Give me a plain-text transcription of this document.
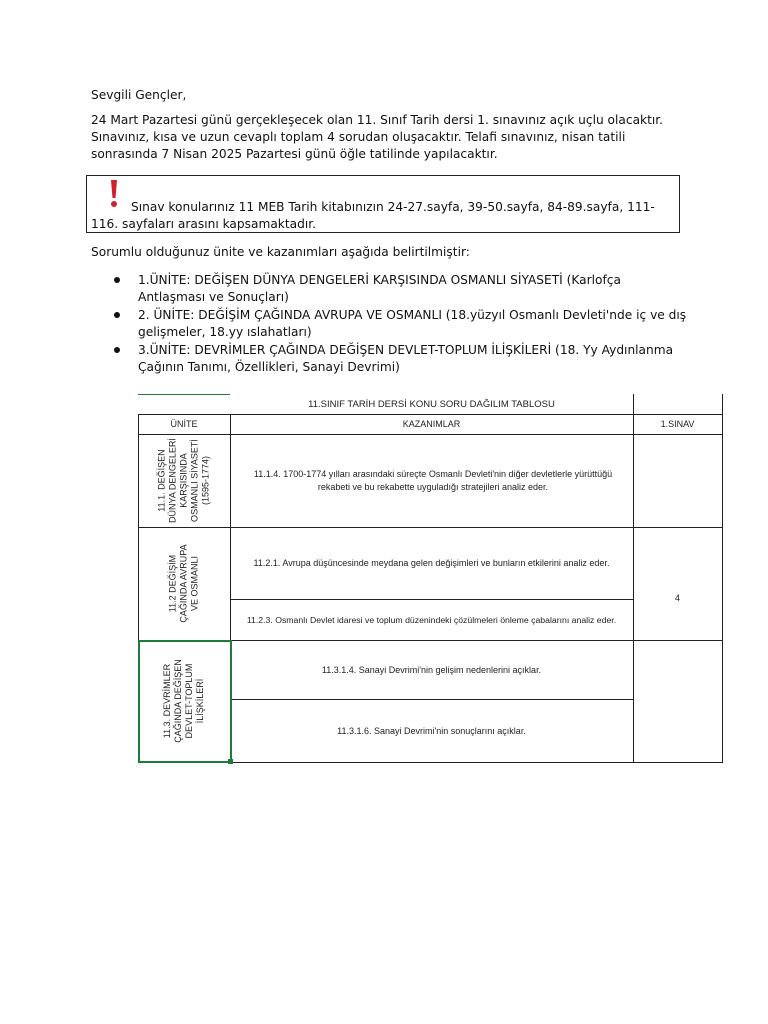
Sevgili Gençler,
24 Mart Pazartesi günü gerçekleşecek olan 11. Sınıf Tarih dersi 1. sınavınız açık uçlu olacaktır. Sınavınız, kısa ve uzun cevaplı toplam 4 sorudan oluşacaktır. Telafi sınavınız, nisan tatili sonrasında 7 Nisan 2025 Pazartesi günü öğle tatilinde yapılacaktır.
Sınav konularınız 11 MEB Tarih kitabınızın 24-27.sayfa, 39-50.sayfa, 84-89.sayfa, 111-116. sayfaları arasını kapsamaktadır.
Sorumlu olduğunuz ünite ve kazanımları aşağıda belirtilmiştir:
1.ÜNİTE: DEĞİŞEN DÜNYA DENGELERİ KARŞISINDA OSMANLI SİYASETİ (Karlofça Antlaşması ve Sonuçları)
2. ÜNİTE: DEĞİŞİM ÇAĞINDA AVRUPA VE OSMANLI (18.yüzyıl Osmanlı Devleti'nde iç ve dış gelişmeler, 18.yy ıslahatları)
3.ÜNİTE: DEVRİMLER ÇAĞINDA DEĞİŞEN DEVLET-TOPLUM İLİŞKİLERİ (18. Yy Aydınlanma Çağının Tanımı, Özellikleri, Sanayi Devrimi)
11.SINIF TARİH DERSİ KONU SORU DAĞILIM TABLOSU
ÜNİTE	KAZANIMLAR	1.SINAV
11.1. DEĞİŞEN DÜNYA DENGELERİ KARŞISINDA OSMANLI SİYASETİ (1595-1774)
11.2 DEĞİŞİM ÇAĞINDA AVRUPA VE OSMANLI
11.3. DEVRİMLER ÇAĞINDA DEĞİŞEN DEVLET-TOPLUM İLİŞKİLERİ
11.1.4. 1700-1774 yılları arasındaki süreçte Osmanlı Devleti'nin diğer devletlerle yürüttüğü rekabeti ve bu rekabette uyguladığı stratejileri analiz eder.
11.2.1. Avrupa düşüncesinde meydana gelen değişimleri ve bunların etkilerini analiz eder.
11.2.3. Osmanlı Devlet idaresi ve toplum düzenindeki çözülmeleri önleme çabalarını analiz eder.
11.3.1.4. Sanayi Devrimi'nin gelişim nedenlerini açıklar.
11.3.1.6. Sanayi Devrimi'nin sonuçlarını açıklar.
4
